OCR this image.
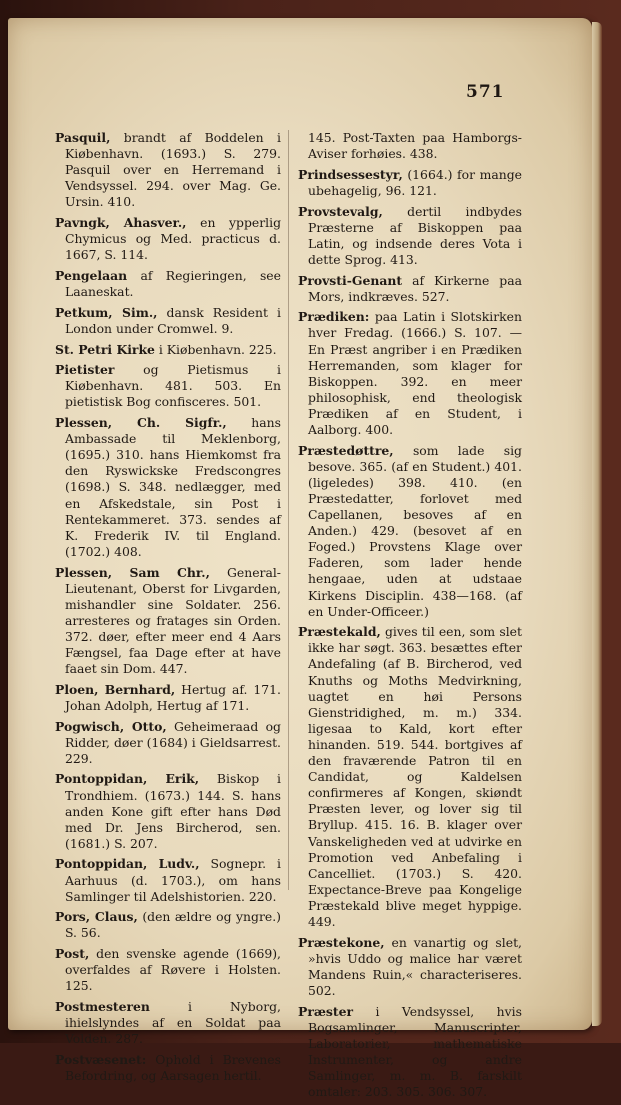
571

Pasquil, brandt af Boddelen i Kiøbenhavn. (1693.) S. 279. Pasquil over en Herremand i Vendsyssel. 294. over Mag. Ge. Ursin. 410.

Pavngk, Ahasver., en ypperlig Chymicus og Med. practicus d. 1667, S. 114.

Pengelaan af Regieringen, see Laaneskat.

Petkum, Sim., dansk Resident i London under Cromwel. 9.

St. Petri Kirke i Kiøbenhavn. 225.

Pietister og Pietismus i Kiøbenhavn. 481. 503. En pietistisk Bog confisceres. 501.

Plessen, Ch. Sigfr., hans Ambassade til Meklenborg, (1695.) 310. hans Hiemkomst fra den Ryswickske Fredscongres (1698.) S. 348. nedlægger, med en Afskedstale, sin Post i Rentekammeret. 373. sendes af K. Frederik IV. til England. (1702.) 408.

Plessen, Sam Chr., General-Lieutenant, Oberst for Livgarden, mishandler sine Soldater. 256. arresteres og fratages sin Orden. 372. døer, efter meer end 4 Aars Fængsel, faa Dage efter at have faaet sin Dom. 447.

Ploen, Bernhard, Hertug af. 171. Johan Adolph, Hertug af 171.

Pogwisch, Otto, Geheimeraad og Ridder, døer (1684) i Gieldsarrest. 229.

Pontoppidan, Erik, Biskop i Trondhiem. (1673.) 144. S. hans anden Kone gift efter hans Død med Dr. Jens Bircherod, sen. (1681.) S. 207.

Pontoppidan, Ludv., Sognepr. i Aarhuus (d. 1703.), om hans Samlinger til Adelshistorien. 220.

Pors, Claus, (den ældre og yngre.) S. 56.

Post, den svenske agende (1669), overfaldes af Røvere i Holsten. 125.

Postmesteren	i Nyborg, ihielslyndes af en Soldat paa Volden. 287.

Postvæsenet: Ophold i Brevenes Befordring, og Aarsagen hertil.

145. Post-Taxten paa Hamborgs-Aviser forhøies. 438.

Prindsessestyr, (1664.) for mange ubehagelig, 96. 121.

Provstevalg, dertil indbydes Præsterne af Biskoppen paa Latin, og indsende deres Vota i dette Sprog. 413.

Provsti-Genant af Kirkerne paa Mors, indkræves. 527.

Prædiken: paa Latin i Slotskirken hver Fredag. (1666.) S. 107. — En Præst angriber i en Prædiken Herremanden, som klager for Biskoppen. 392. en meer philosophisk, end theologisk Prædiken af en Student, i Aalborg. 400.

Præstedøttre, som lade sig besove. 365. (af en Student.) 401. (ligeledes) 398. 410. (en Præstedatter, forlovet med Capellanen, besoves af en Anden.) 429. (besovet af en Foged.) Provstens Klage over Faderen, som lader hende hengaae, uden at udstaae Kirkens Disciplin. 438—168. (af en Under-Officeer.)

Præstekald, gives til een, som slet ikke har søgt. 363. besættes efter Andefaling (af B. Bircherod, ved Knuths og Moths Medvirkning, uagtet en høi Persons Gienstridighed, m. m.) 334. ligesaa to Kald, kort efter hinanden. 519. 544. bortgives af den fraværende Patron til en Candidat, og Kaldelsen confirmeres af Kongen, skiøndt Præsten lever, og lover sig til Bryllup. 415. 16. B. klager over Vanskeligheden ved at udvirke en Promotion ved Anbefaling i Cancelliet. (1703.) S. 420. Expectance-Breve paa Kongelige Præstekald blive meget hyppige. 449.

Præstekone, en vanartig og slet, »hvis Uddo og malice har været Mandens Ruin,« characteriseres. 502.

Præster i Vendsyssel, hvis Bogsamlinger, Manuscripter, Laboratorier, mathematiske Instrumenter, og andre Samlinger, m. m. B. farskilt omtaler: 203. 305. 306. 307.
